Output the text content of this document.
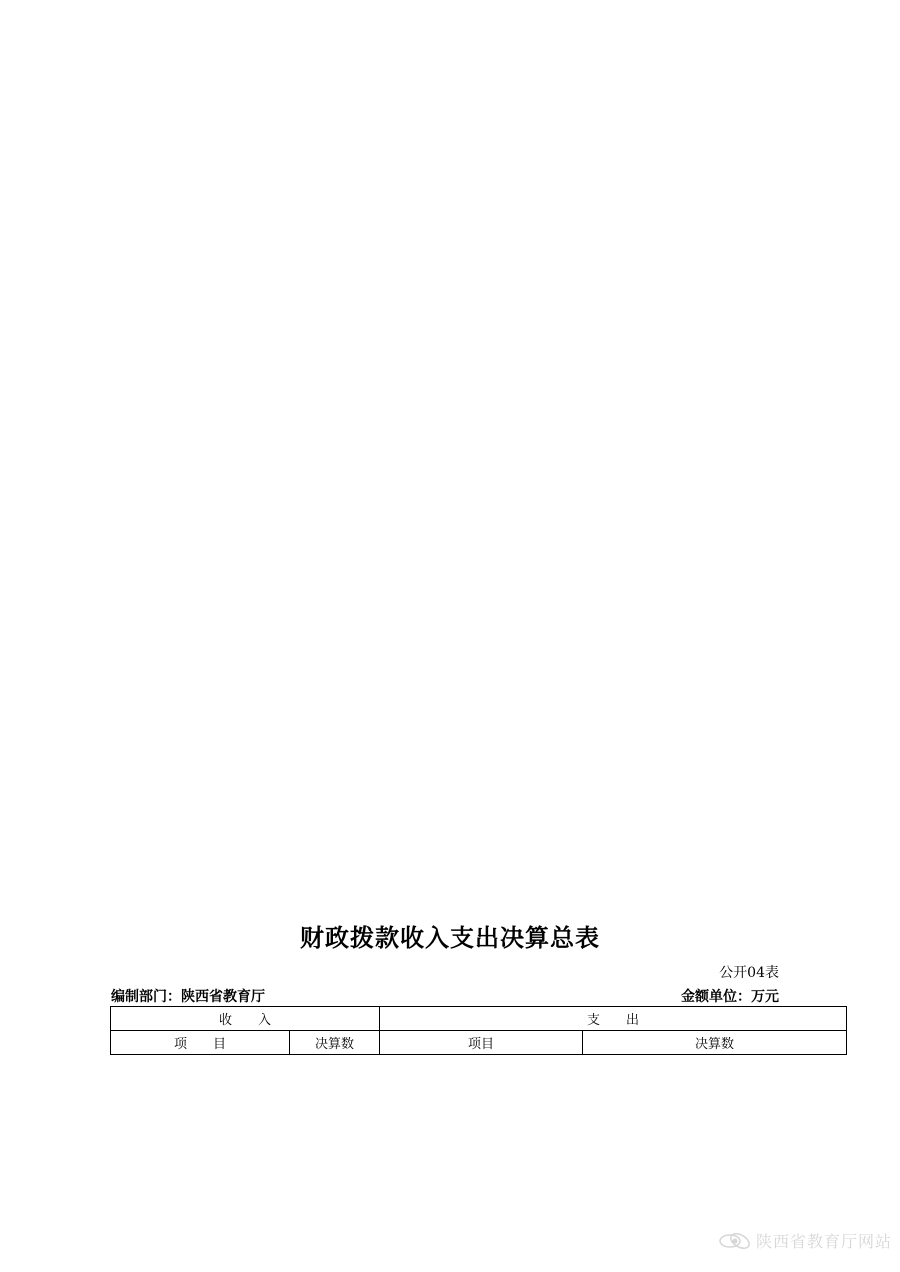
财政拨款收入支出决算总表
公开04表
编制部门：陕西省教育厅	金额单位：万元
收　　入		支　　出	
项　　目	决算数	项目	决算数
陕西省教育厅网站
